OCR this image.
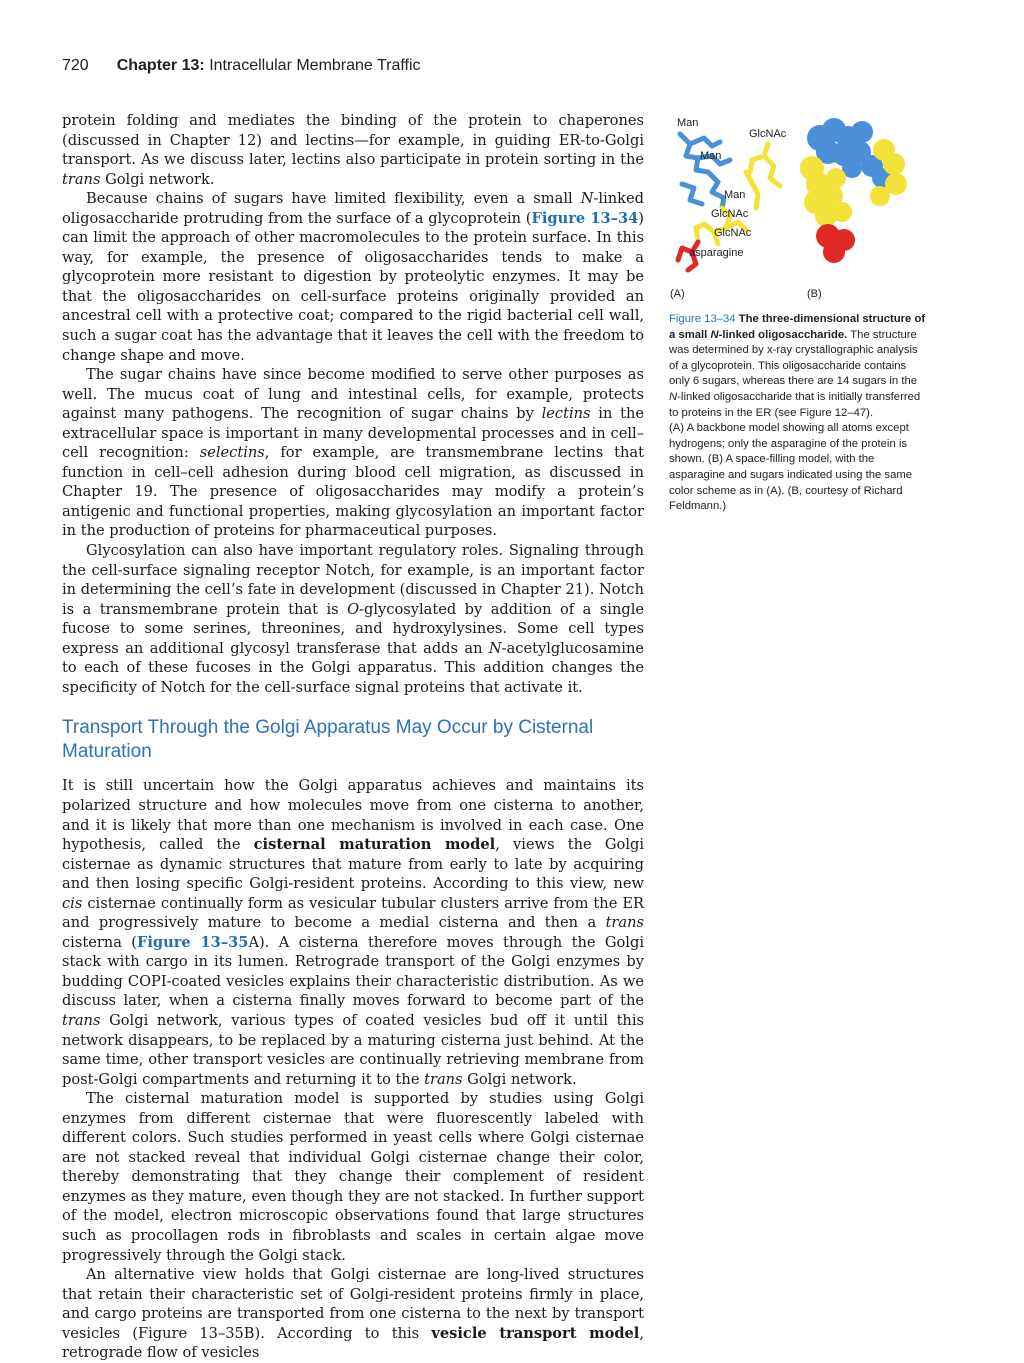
720 Chapter 13: Intracellular Membrane Traffic

protein folding and mediates the binding of the protein to chaperones (discussed in Chapter 12) and lectins—for example, in guiding ER-to-Golgi transport. As we discuss later, lectins also participate in protein sorting in the trans Golgi network.

Because chains of sugars have limited flexibility, even a small N-linked oligosaccharide protruding from the surface of a glycoprotein (Figure 13–34) can limit the approach of other macromolecules to the protein surface. In this way, for example, the presence of oligosaccharides tends to make a glycoprotein more resistant to digestion by proteolytic enzymes. It may be that the oligosaccharides on cell-surface proteins originally provided an ancestral cell with a protective coat; compared to the rigid bacterial cell wall, such a sugar coat has the advantage that it leaves the cell with the freedom to change shape and move.

The sugar chains have since become modified to serve other purposes as well. The mucus coat of lung and intestinal cells, for example, protects against many pathogens. The recognition of sugar chains by lectins in the extracellular space is important in many developmental processes and in cell–cell recognition: selectins, for example, are transmembrane lectins that function in cell–cell adhesion during blood cell migration, as discussed in Chapter 19. The presence of oligosaccharides may modify a protein’s antigenic and functional properties, making glycosylation an important factor in the production of proteins for pharmaceutical purposes.

Glycosylation can also have important regulatory roles. Signaling through the cell-surface signaling receptor Notch, for example, is an important factor in determining the cell’s fate in development (discussed in Chapter 21). Notch is a transmembrane protein that is O-glycosylated by addition of a single fucose to some serines, threonines, and hydroxylysines. Some cell types express an additional glycosyl transferase that adds an N-acetylglucosamine to each of these fucoses in the Golgi apparatus. This addition changes the specificity of Notch for the cell-surface signal proteins that activate it.

Transport Through the Golgi Apparatus May Occur by Cisternal Maturation

It is still uncertain how the Golgi apparatus achieves and maintains its polarized structure and how molecules move from one cisterna to another, and it is likely that more than one mechanism is involved in each case. One hypothesis, called the cisternal maturation model, views the Golgi cisternae as dynamic structures that mature from early to late by acquiring and then losing specific Golgi-resident proteins. According to this view, new cis cisternae continually form as vesicular tubular clusters arrive from the ER and progressively mature to become a medial cisterna and then a trans cisterna (Figure 13–35A). A cisterna therefore moves through the Golgi stack with cargo in its lumen. Retrograde transport of the Golgi enzymes by budding COPI-coated vesicles explains their characteristic distribution. As we discuss later, when a cisterna finally moves forward to become part of the trans Golgi network, various types of coated vesicles bud off it until this network disappears, to be replaced by a maturing cisterna just behind. At the same time, other transport vesicles are continually retrieving membrane from post-Golgi compartments and returning it to the trans Golgi network.

The cisternal maturation model is supported by studies using Golgi enzymes from different cisternae that were fluorescently labeled with different colors. Such studies performed in yeast cells where Golgi cisternae are not stacked reveal that individual Golgi cisternae change their color, thereby demonstrating that they change their complement of resident enzymes as they mature, even though they are not stacked. In further support of the model, electron microscopic observations found that large structures such as procollagen rods in fibroblasts and scales in certain algae move progressively through the Golgi stack.

An alternative view holds that Golgi cisternae are long-lived structures that retain their characteristic set of Golgi-resident proteins firmly in place, and cargo proteins are transported from one cisterna to the next by transport vesicles (Figure 13–35B). According to this vesicle transport model, retrograde flow of vesicles

Man
GlcNAc
Man
Man
GlcNAc
GlcNAc
asparagine
(A)	(B)
Figure 13–34 The three-dimensional structure of a small N-linked oligosaccharide. The structure was determined by x-ray crystallographic analysis of a glycoprotein. This oligosaccharide contains only 6 sugars, whereas there are 14 sugars in the N-linked oligosaccharide that is initially transferred to proteins in the ER (see Figure 12–47).
(A) A backbone model showing all atoms except hydrogens; only the asparagine of the protein is shown. (B) A space-filling model, with the asparagine and sugars indicated using the same color scheme as in (A). (B, courtesy of Richard Feldmann.)
